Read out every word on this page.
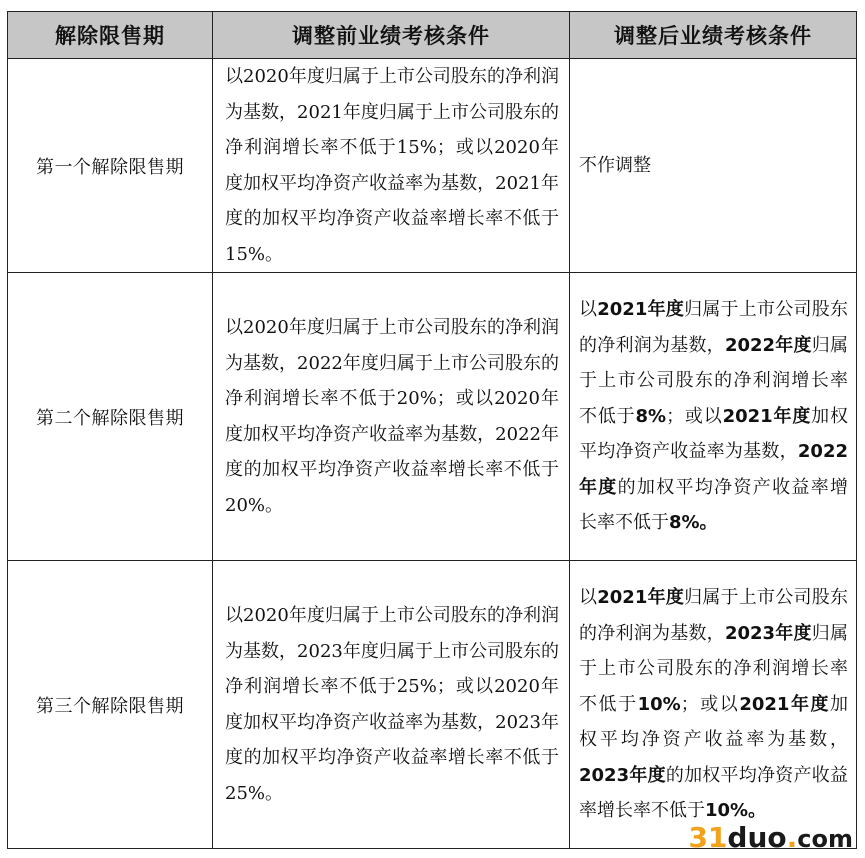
解除限售期	调整前业绩考核条件	调整后业绩考核条件
第一个解除限售期	以2020年度归属于上市公司股东的净利润为基数，2021年度归属于上市公司股东的净利润增长率不低于15%；或以2020年度加权平均净资产收益率为基数，2021年度的加权平均净资产收益率增长率不低于15%。	不作调整

第二个解除限售期	以2020年度归属于上市公司股东的净利润为基数，2022年度归属于上市公司股东的净利润增长率不低于20%；或以2020年度加权平均净资产收益率为基数，2022年度的加权平均净资产收益率增长率不低于20%。	以2021年度归属于上市公司股东的净利润为基数，2022年度归属于上市公司股东的净利润增长率不低于8%；或以2021年度加权平均净资产收益率为基数，2022年度的加权平均净资产收益率增长率不低于8%。

第三个解除限售期	以2020年度归属于上市公司股东的净利润为基数，2023年度归属于上市公司股东的净利润增长率不低于25%；或以2020年度加权平均净资产收益率为基数，2023年度的加权平均净资产收益率增长率不低于25%。	以2021年度归属于上市公司股东的净利润为基数，2023年度归属于上市公司股东的净利润增长率不低于10%；或以2021年度加权平均净资产收益率为基数，2023年度的加权平均净资产收益率增长率不低于10%。
31duo.com
